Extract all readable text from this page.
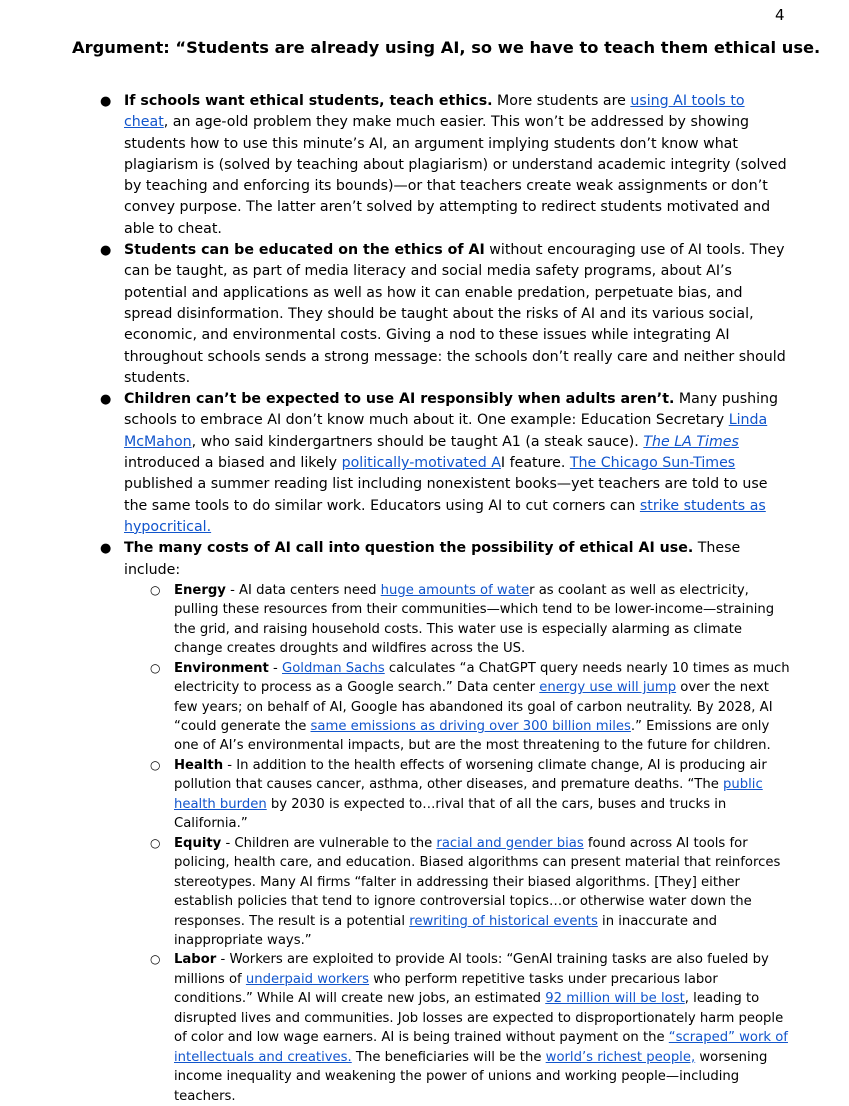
4
Argument: “Students are already using AI, so we have to teach them ethical use.
● If schools want ethical students, teach ethics. More students are using AI tools to cheat, an age-old problem they make much easier. This won’t be addressed by showing students how to use this minute’s AI, an argument implying students don’t know what plagiarism is (solved by teaching about plagiarism) or understand academic integrity (solved by teaching and enforcing its bounds)—or that teachers create weak assignments or don’t convey purpose. The latter aren’t solved by attempting to redirect students motivated and able to cheat.
● Students can be educated on the ethics of AI without encouraging use of AI tools. They can be taught, as part of media literacy and social media safety programs, about AI’s potential and applications as well as how it can enable predation, perpetuate bias, and spread disinformation. They should be taught about the risks of AI and its various social, economic, and environmental costs. Giving a nod to these issues while integrating AI throughout schools sends a strong message: the schools don’t really care and neither should students.
● Children can’t be expected to use AI responsibly when adults aren’t. Many pushing schools to embrace AI don’t know much about it. One example: Education Secretary Linda McMahon, who said kindergartners should be taught A1 (a steak sauce). The LA Times introduced a biased and likely politically-motivated AI feature. The Chicago Sun-Times published a summer reading list including nonexistent books—yet teachers are told to use the same tools to do similar work. Educators using AI to cut corners can strike students as hypocritical.
● The many costs of AI call into question the possibility of ethical AI use. These include:
○ Energy - AI data centers need huge amounts of water as coolant as well as electricity, pulling these resources from their communities—which tend to be lower-income—straining the grid, and raising household costs. This water use is especially alarming as climate change creates droughts and wildfires across the US.
○ Environment - Goldman Sachs calculates “a ChatGPT query needs nearly 10 times as much electricity to process as a Google search.” Data center energy use will jump over the next few years; on behalf of AI, Google has abandoned its goal of carbon neutrality. By 2028, AI “could generate the same emissions as driving over 300 billion miles.” Emissions are only one of AI’s environmental impacts, but are the most threatening to the future for children.
○ Health - In addition to the health effects of worsening climate change, AI is producing air pollution that causes cancer, asthma, other diseases, and premature deaths. “The public health burden by 2030 is expected to…rival that of all the cars, buses and trucks in California.”
○ Equity - Children are vulnerable to the racial and gender bias found across AI tools for policing, health care, and education. Biased algorithms can present material that reinforces stereotypes. Many AI firms “falter in addressing their biased algorithms. [They] either establish policies that tend to ignore controversial topics…or otherwise water down the responses. The result is a potential rewriting of historical events in inaccurate and inappropriate ways.”
○ Labor - Workers are exploited to provide AI tools: “GenAI training tasks are also fueled by millions of underpaid workers who perform repetitive tasks under precarious labor conditions.” While AI will create new jobs, an estimated 92 million will be lost, leading to disrupted lives and communities. Job losses are expected to disproportionately harm people of color and low wage earners. AI is being trained without payment on the “scraped” work of intellectuals and creatives. The beneficiaries will be the world’s richest people, worsening income inequality and weakening the power of unions and working people—including teachers.
